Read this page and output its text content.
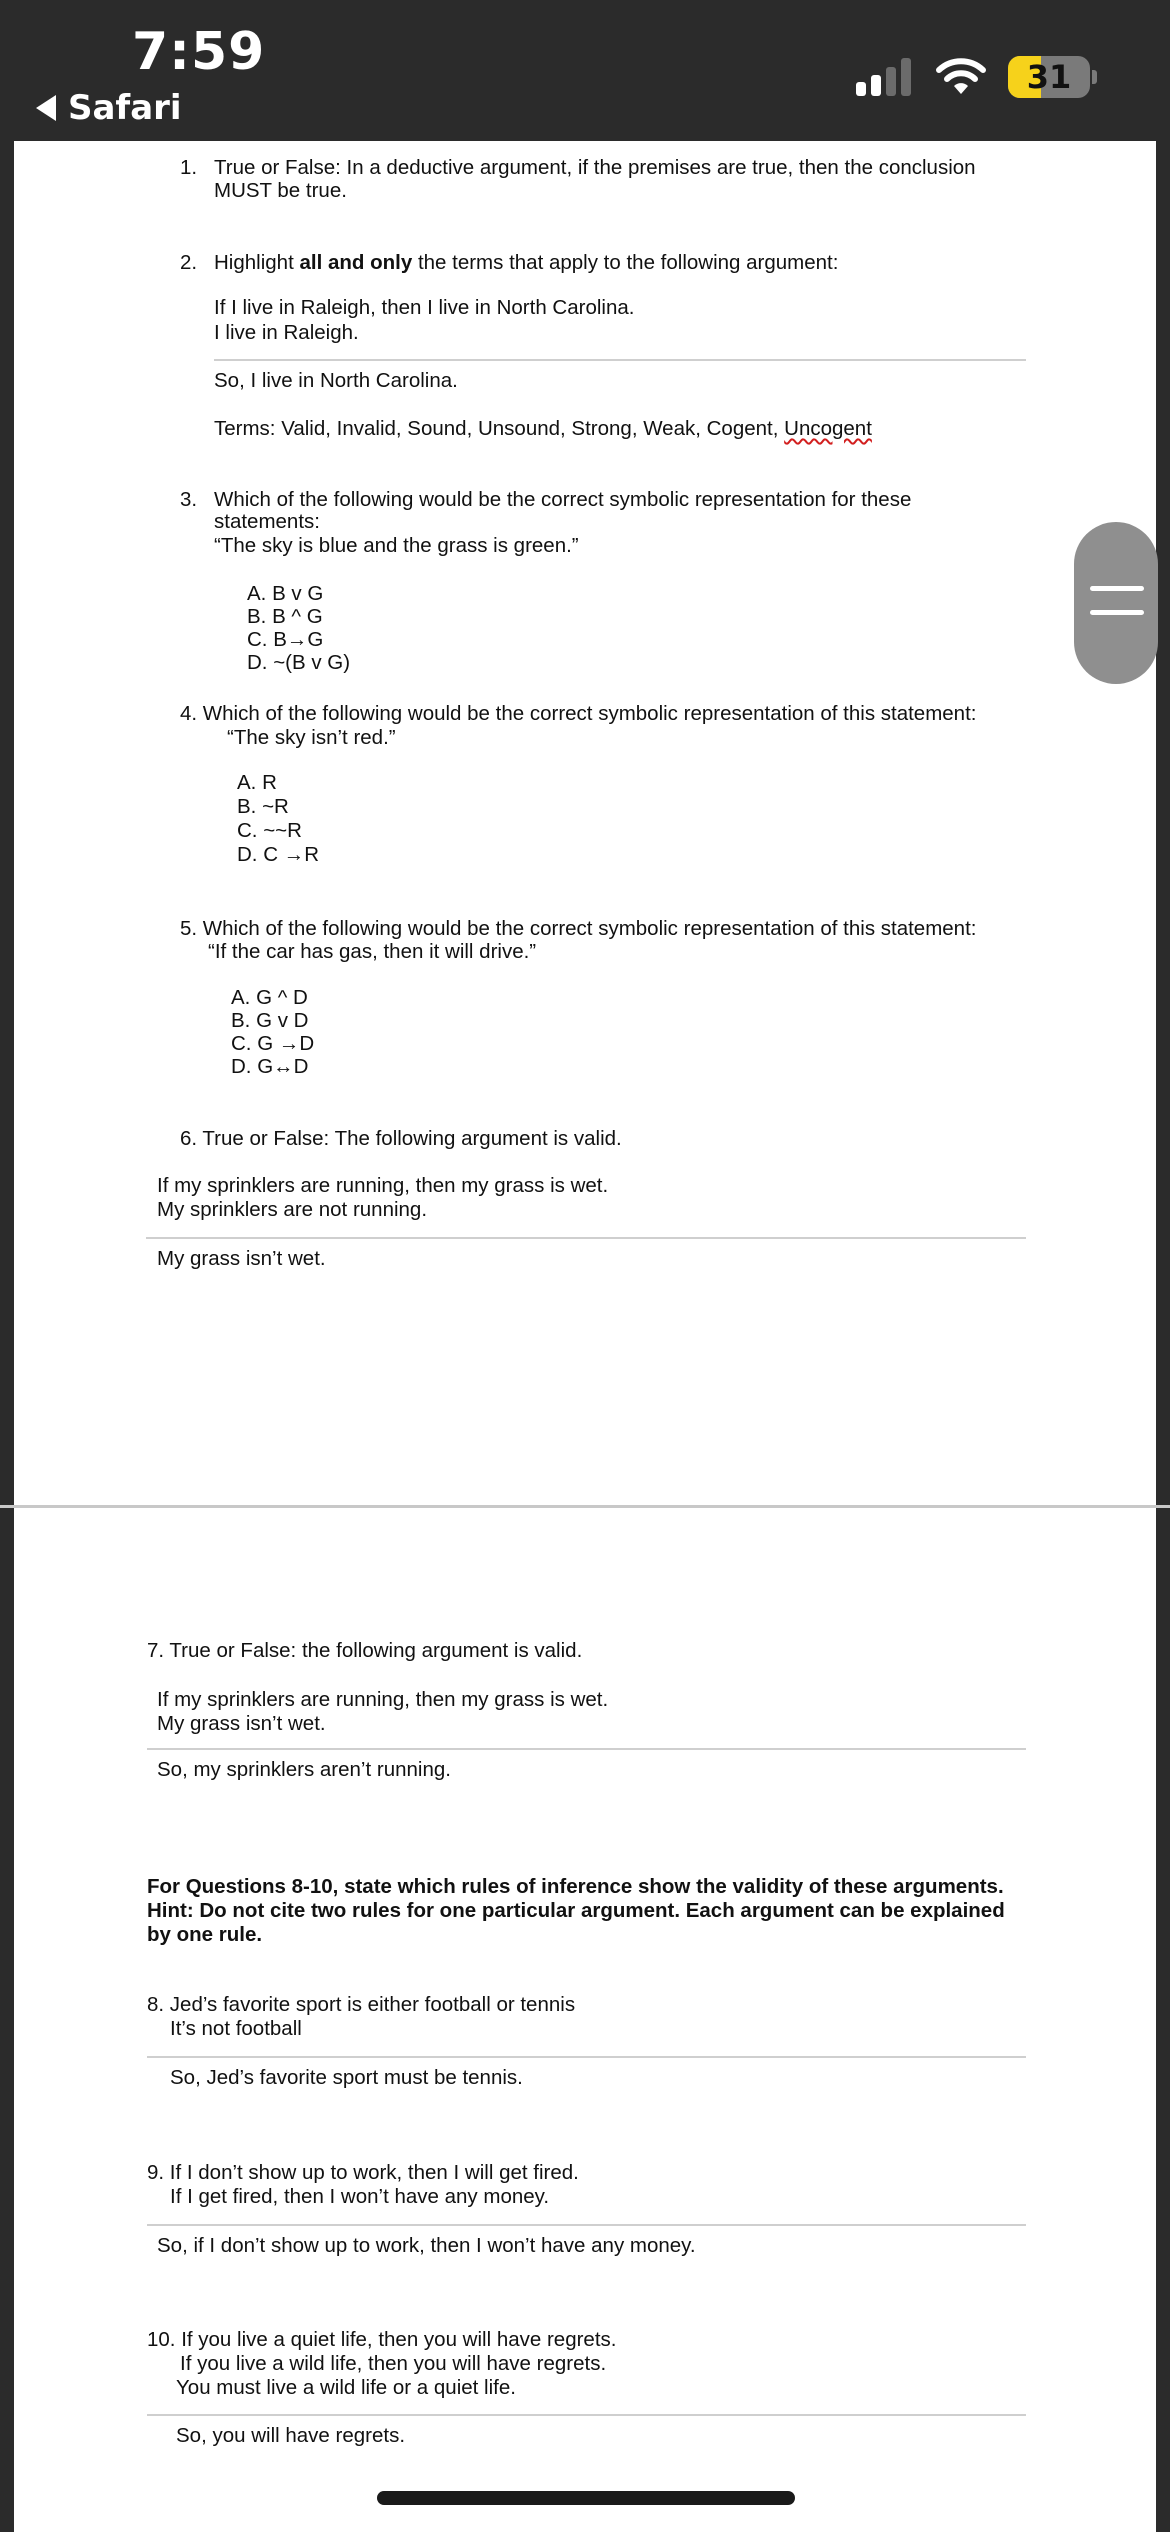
7:59
Safari
31
1. True or False: In a deductive argument, if the premises are true, then the conclusion
MUST be true.
2. Highlight all and only the terms that apply to the following argument:
If I live in Raleigh, then I live in North Carolina.
I live in Raleigh.
So, I live in North Carolina.
Terms: Valid, Invalid, Sound, Unsound, Strong, Weak, Cogent, Uncogent
3. Which of the following would be the correct symbolic representation for these
statements:
“The sky is blue and the grass is green.”
A. B v G
B. B ^ G
C. B→G
D. ~(B v G)
4. Which of the following would be the correct symbolic representation of this statement:
“The sky isn’t red.”
A. R
B. ~R
C. ~~R
D. C →R
5. Which of the following would be the correct symbolic representation of this statement:
“If the car has gas, then it will drive.”
A. G ^ D
B. G v D
C. G →D
D. G↔D
6. True or False: The following argument is valid.
If my sprinklers are running, then my grass is wet.
My sprinklers are not running.
My grass isn’t wet.
7. True or False: the following argument is valid.
If my sprinklers are running, then my grass is wet.
My grass isn’t wet.
So, my sprinklers aren’t running.
For Questions 8-10, state which rules of inference show the validity of these arguments.
Hint: Do not cite two rules for one particular argument. Each argument can be explained
by one rule.
8. Jed’s favorite sport is either football or tennis
It’s not football
So, Jed’s favorite sport must be tennis.
9. If I don’t show up to work, then I will get fired.
If I get fired, then I won’t have any money.
So, if I don’t show up to work, then I won’t have any money.
10. If you live a quiet life, then you will have regrets.
If you live a wild life, then you will have regrets.
You must live a wild life or a quiet life.
So, you will have regrets.
